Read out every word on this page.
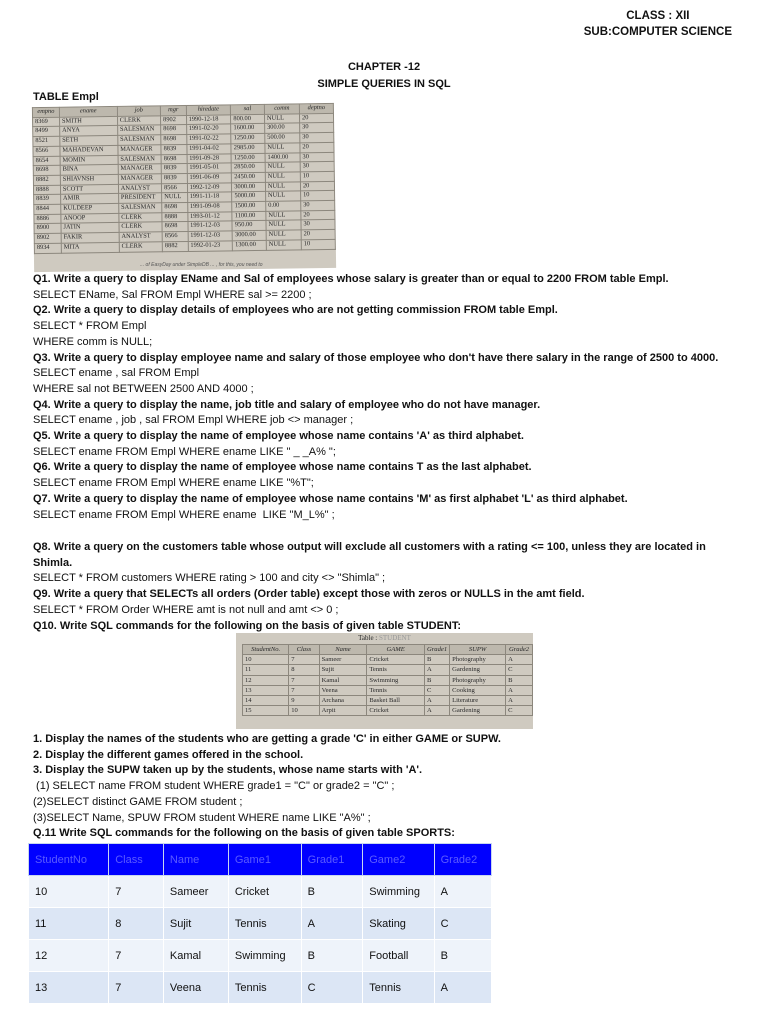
CLASS : XII
SUB:COMPUTER SCIENCE
CHAPTER -12
SIMPLE QUERIES IN SQL
TABLE Empl
empno	ename	job	mgr	hiredate	sal	comm	deptno
8369	SMITH	CLERK	8902	1990-12-18	800.00	NULL	20
8499	ANYA	SALESMAN	8698	1991-02-20	1600.00	300.00	30
8521	SETH	SALESMAN	8698	1991-02-22	1250.00	500.00	30
8566	MAHADEVAN	MANAGER	8839	1991-04-02	2985.00	NULL	20
8654	MOMIN	SALESMAN	8698	1991-09-28	1250.00	1400.00	30
8698	BINA	MANAGER	8839	1991-05-01	2850.00	NULL	30
8882	SHIAVNSH	MANAGER	8839	1991-06-09	2450.00	NULL	10
8888	SCOTT	ANALYST	8566	1992-12-09	3000.00	NULL	20
8839	AMIR	PRESIDENT	NULL	1991-11-18	5000.00	NULL	10
8844	KULDEEP	SALESMAN	8698	1991-09-08	1500.00	0.00	30
8886	ANOOP	CLERK	8888	1993-01-12	1100.00	NULL	20
8900	JATIN	CLERK	8698	1991-12-03	950.00	NULL	30
8902	FAKIR	ANALYST	8566	1991-12-03	3000.00	NULL	20
8934	MITA	CLERK	8882	1992-01-23	1300.00	NULL	10
... of EasyDay under SimpleDB ... , for this, you need to
Q1. Write a query to display EName and Sal of employees whose salary is greater than or equal to 2200 FROM table Empl.
SELECT EName, Sal FROM Empl WHERE sal >= 2200 ;
Q2. Write a query to display details of employees who are not getting commission FROM table Empl.
SELECT * FROM Empl
WHERE comm is NULL;
Q3. Write a query to display employee name and salary of those employee who don't have there salary in the range of 2500 to 4000.
SELECT ename , sal FROM Empl
WHERE sal not BETWEEN 2500 AND 4000 ;
Q4. Write a query to display the name, job title and salary of employee who do not have manager.
SELECT ename , job , sal FROM Empl WHERE job <> manager ;
Q5. Write a query to display the name of employee whose name contains 'A' as third alphabet.
SELECT ename FROM Empl WHERE ename LIKE " _ _A% ";
Q6. Write a query to display the name of employee whose name contains T as the last alphabet.
SELECT ename FROM Empl WHERE ename LIKE "%T";
Q7. Write a query to display the name of employee whose name contains 'M' as first alphabet 'L' as third alphabet.
SELECT ename FROM Empl WHERE ename  LIKE "M_L%" ;
Q8. Write a query on the customers table whose output will exclude all customers with a rating <= 100, unless they are located in Shimla.
SELECT * FROM customers WHERE rating > 100 and city <> "Shimla" ;
Q9. Write a query that SELECTs all orders (Order table) except those with zeros or NULLS in the amt field.
SELECT * FROM Order WHERE amt is not null and amt <> 0 ;
Q10. Write SQL commands for the following on the basis of given table STUDENT:
Table : STUDENT
StudentNo.	Class	Name	GAME	Grade1	SUPW	Grade2
10	7	Sameer	Cricket	B	Photography	A
11	8	Sujit	Tennis	A	Gardening	C
12	7	Kamal	Swimming	B	Photography	B
13	7	Veena	Tennis	C	Cooking	A
14	9	Archana	Basket Ball	A	Literature	A
15	10	Arpit	Cricket	A	Gardening	C
1. Display the names of the students who are getting a grade 'C' in either GAME or SUPW.
2. Display the different games offered in the school.
3. Display the SUPW taken up by the students, whose name starts with 'A'.
(1) SELECT name FROM student WHERE grade1 = "C" or grade2 = "C" ;
(2)SELECT distinct GAME FROM student ;
(3)SELECT Name, SPUW FROM student WHERE name LIKE "A%" ;
Q.11 Write SQL commands for the following on the basis of given table SPORTS:
StudentNo	Class	Name	Game1	Grade1	Game2	Grade2
10	7	Sameer	Cricket	B	Swimming	A
11	8	Sujit	Tennis	A	Skating	C
12	7	Kamal	Swimming	B	Football	B
13	7	Veena	Tennis	C	Tennis	A
